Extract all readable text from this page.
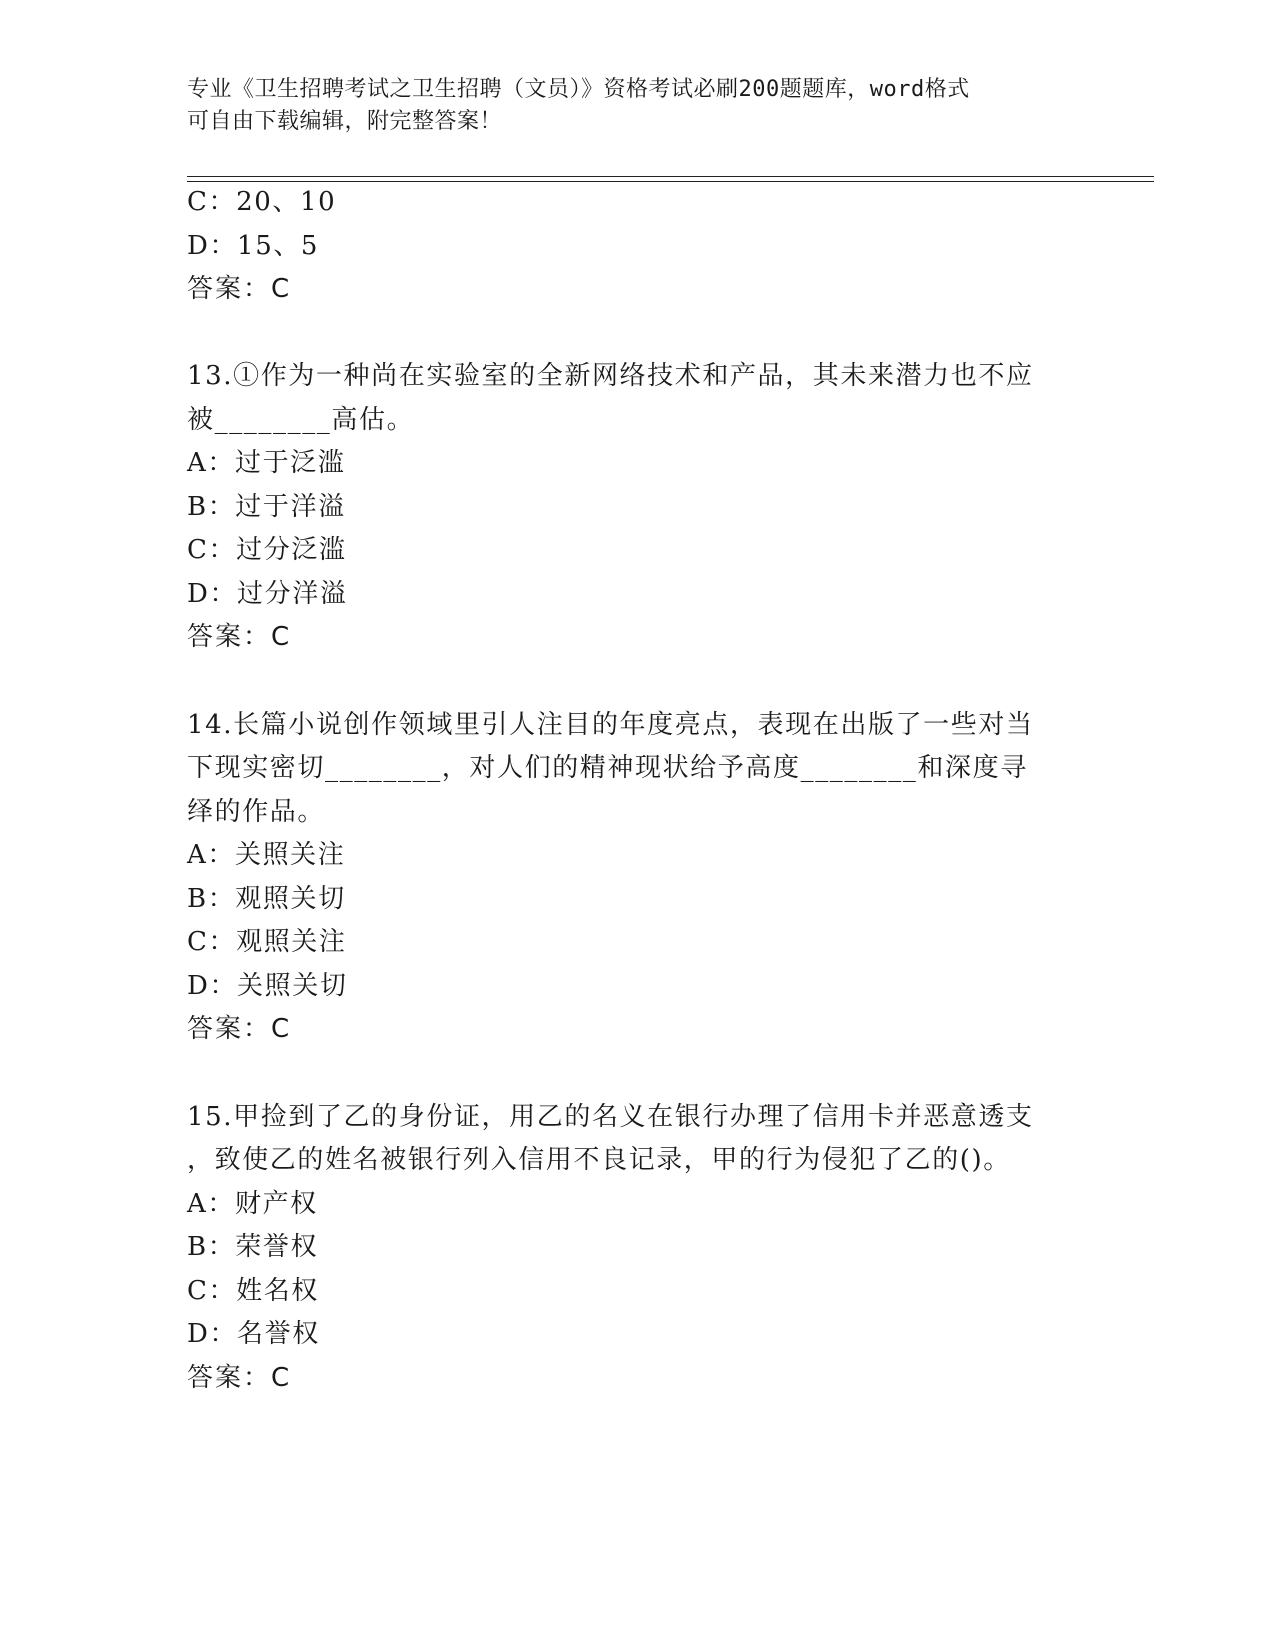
专业《卫生招聘考试之卫生招聘（文员）》资格考试必刷200题题库，word格式
可自由下载编辑，附完整答案！
C：20、10
D：15、5
答案：C
13.①作为一种尚在实验室的全新网络技术和产品，其未来潜力也不应
被________高估。
A：过于泛滥
B：过于洋溢
C：过分泛滥
D：过分洋溢
答案：C
14.长篇小说创作领域里引人注目的年度亮点，表现在出版了一些对当
下现实密切________，对人们的精神现状给予高度________和深度寻
绎的作品。
A：关照关注
B：观照关切
C：观照关注
D：关照关切
答案：C
15.甲捡到了乙的身份证，用乙的名义在银行办理了信用卡并恶意透支
，致使乙的姓名被银行列入信用不良记录，甲的行为侵犯了乙的()。
A：财产权
B：荣誉权
C：姓名权
D：名誉权
答案：C
